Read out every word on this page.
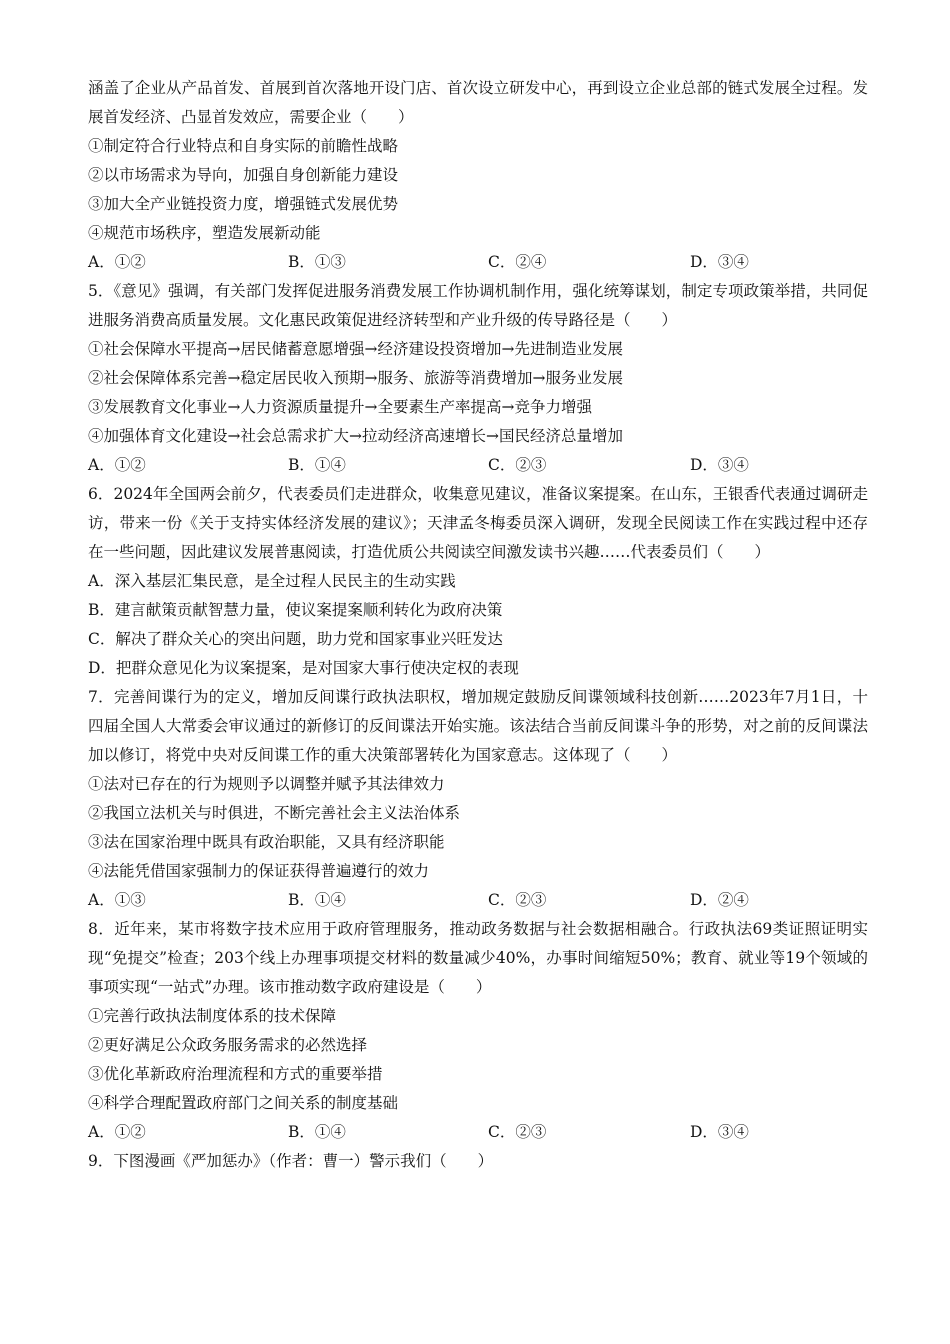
涵盖了企业从产品首发、首展到首次落地开设门店、首次设立研发中心，再到设立企业总部的链式发展全过程。发展首发经济、凸显首发效应，需要企业（　　）
①制定符合行业特点和自身实际的前瞻性战略
②以市场需求为导向，加强自身创新能力建设
③加大全产业链投资力度，增强链式发展优势
④规范市场秩序，塑造发展新动能
A．①②	B．①③	C．②④	D．③④
5．《意见》强调，有关部门发挥促进服务消费发展工作协调机制作用，强化统筹谋划，制定专项政策举措，共同促进服务消费高质量发展。文化惠民政策促进经济转型和产业升级的传导路径是（　　）
①社会保障水平提高→居民储蓄意愿增强→经济建设投资增加→先进制造业发展
②社会保障体系完善→稳定居民收入预期→服务、旅游等消费增加→服务业发展
③发展教育文化事业→人力资源质量提升→全要素生产率提高→竞争力增强
④加强体育文化建设→社会总需求扩大→拉动经济高速增长→国民经济总量增加
A．①②	B．①④	C．②③	D．③④
6．2024年全国两会前夕，代表委员们走进群众，收集意见建议，准备议案提案。在山东，王银香代表通过调研走访，带来一份《关于支持实体经济发展的建议》；天津孟冬梅委员深入调研，发现全民阅读工作在实践过程中还存在一些问题，因此建议发展普惠阅读，打造优质公共阅读空间激发读书兴趣……代表委员们（　　）
A．深入基层汇集民意，是全过程人民民主的生动实践
B．建言献策贡献智慧力量，使议案提案顺利转化为政府决策
C．解决了群众关心的突出问题，助力党和国家事业兴旺发达
D．把群众意见化为议案提案，是对国家大事行使决定权的表现
7．完善间谍行为的定义，增加反间谍行政执法职权，增加规定鼓励反间谍领域科技创新……2023年7月1日，十四届全国人大常委会审议通过的新修订的反间谍法开始实施。该法结合当前反间谍斗争的形势，对之前的反间谍法加以修订，将党中央对反间谍工作的重大决策部署转化为国家意志。这体现了（　　）
①法对已存在的行为规则予以调整并赋予其法律效力
②我国立法机关与时俱进，不断完善社会主义法治体系
③法在国家治理中既具有政治职能，又具有经济职能
④法能凭借国家强制力的保证获得普遍遵行的效力
A．①③	B．①④	C．②③	D．②④
8．近年来，某市将数字技术应用于政府管理服务，推动政务数据与社会数据相融合。行政执法69类证照证明实现“免提交”检查；203个线上办理事项提交材料的数量减少40%，办事时间缩短50%；教育、就业等19个领域的事项实现“一站式”办理。该市推动数字政府建设是（　　）
①完善行政执法制度体系的技术保障
②更好满足公众政务服务需求的必然选择
③优化革新政府治理流程和方式的重要举措
④科学合理配置政府部门之间关系的制度基础
A．①②	B．①④	C．②③	D．③④
9．下图漫画《严加惩办》（作者：曹一）警示我们（　　）
